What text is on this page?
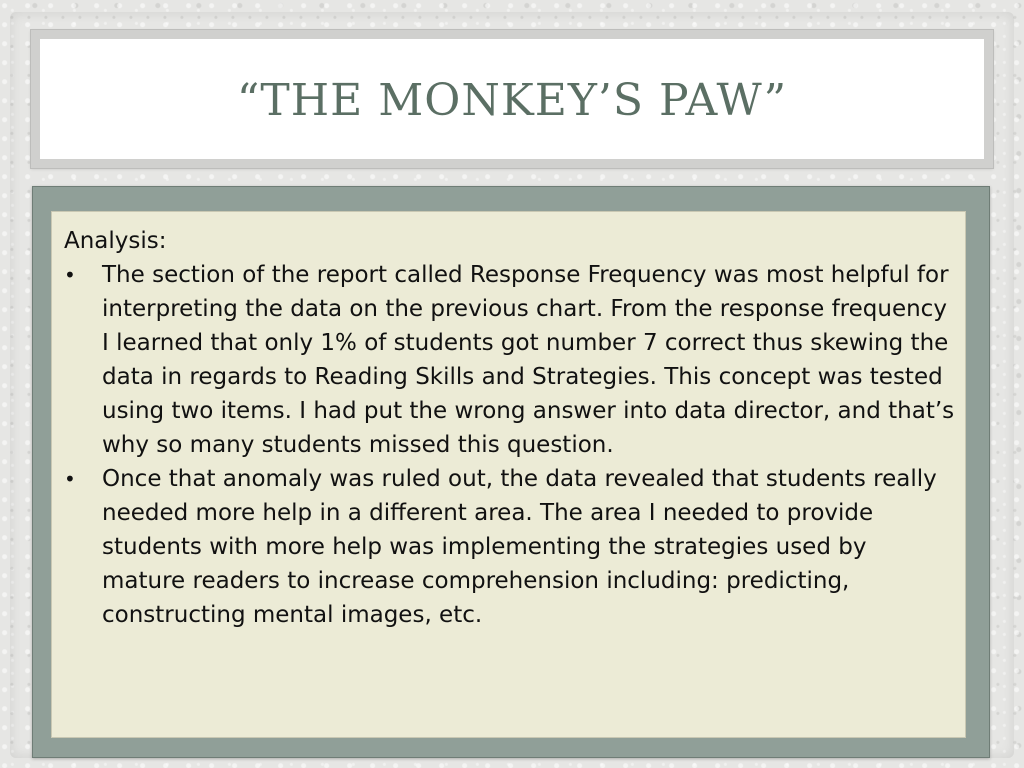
“THE MONKEY’S PAW”

Analysis:

•	The section of the report called Response Frequency was most helpful for interpreting the data on the previous chart. From the response frequency I learned that only 1% of students got number 7 correct thus skewing the data in regards to Reading Skills and Strategies. This concept was tested using two items. I had put the wrong answer into data director, and that’s why so many students missed this question.
•	Once that anomaly was ruled out, the data revealed that students really needed more help in a different area. The area I needed to provide students with more help was implementing the strategies used by mature readers to increase comprehension including: predicting, constructing mental images, etc.
